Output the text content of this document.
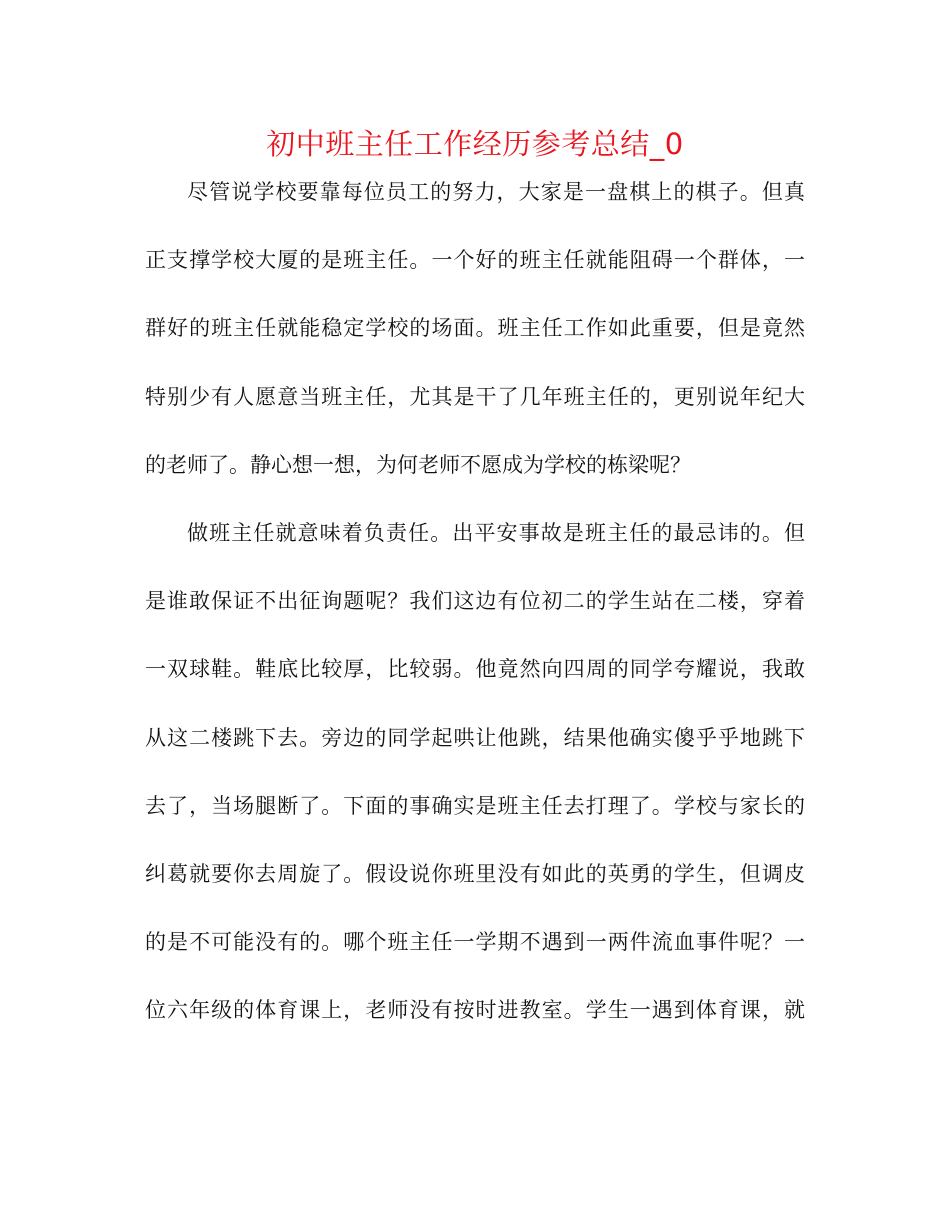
初中班主任工作经历参考总结_0
尽管说学校要靠每位员工的努力，大家是一盘棋上的棋子。但真
正支撑学校大厦的是班主任。一个好的班主任就能阻碍一个群体，一
群好的班主任就能稳定学校的场面。班主任工作如此重要，但是竟然
特别少有人愿意当班主任，尤其是干了几年班主任的，更别说年纪大
的老师了。静心想一想，为何老师不愿成为学校的栋梁呢？
做班主任就意味着负责任。出平安事故是班主任的最忌讳的。但
是谁敢保证不出征询题呢？我们这边有位初二的学生站在二楼，穿着
一双球鞋。鞋底比较厚，比较弱。他竟然向四周的同学夸耀说，我敢
从这二楼跳下去。旁边的同学起哄让他跳，结果他确实傻乎乎地跳下
去了，当场腿断了。下面的事确实是班主任去打理了。学校与家长的
纠葛就要你去周旋了。假设说你班里没有如此的英勇的学生，但调皮
的是不可能没有的。哪个班主任一学期不遇到一两件流血事件呢？一
位六年级的体育课上，老师没有按时进教室。学生一遇到体育课，就
